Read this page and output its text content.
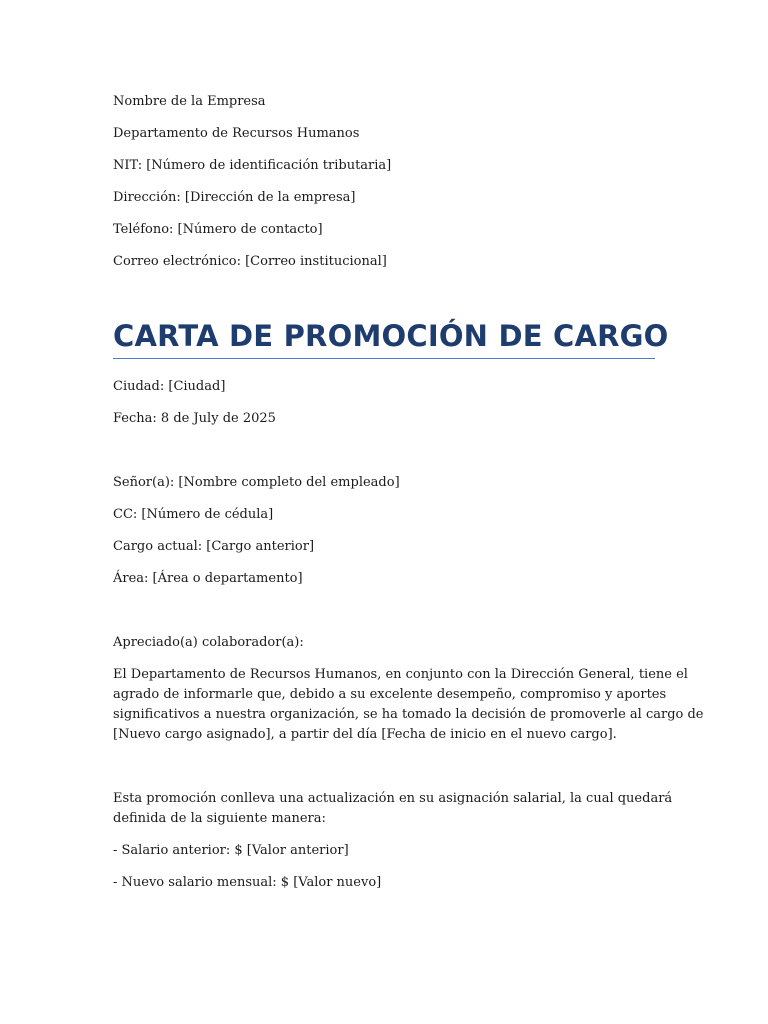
Nombre de la Empresa

Departamento de Recursos Humanos

NIT: [Número de identificación tributaria]

Dirección: [Dirección de la empresa]

Teléfono: [Número de contacto]

Correo electrónico: [Correo institucional]

CARTA DE PROMOCIÓN DE CARGO

Ciudad: [Ciudad]

Fecha: 8 de July de 2025

Señor(a): [Nombre completo del empleado]

CC: [Número de cédula]

Cargo actual: [Cargo anterior]

Área: [Área o departamento]

Apreciado(a) colaborador(a):

El Departamento de Recursos Humanos, en conjunto con la Dirección General, tiene el
agrado de informarle que, debido a su excelente desempeño, compromiso y aportes
significativos a nuestra organización, se ha tomado la decisión de promoverle al cargo de
[Nuevo cargo asignado], a partir del día [Fecha de inicio en el nuevo cargo].
Esta promoción conlleva una actualización en su asignación salarial, la cual quedará
definida de la siguiente manera:

- Salario anterior: $ [Valor anterior]

- Nuevo salario mensual: $ [Valor nuevo]
